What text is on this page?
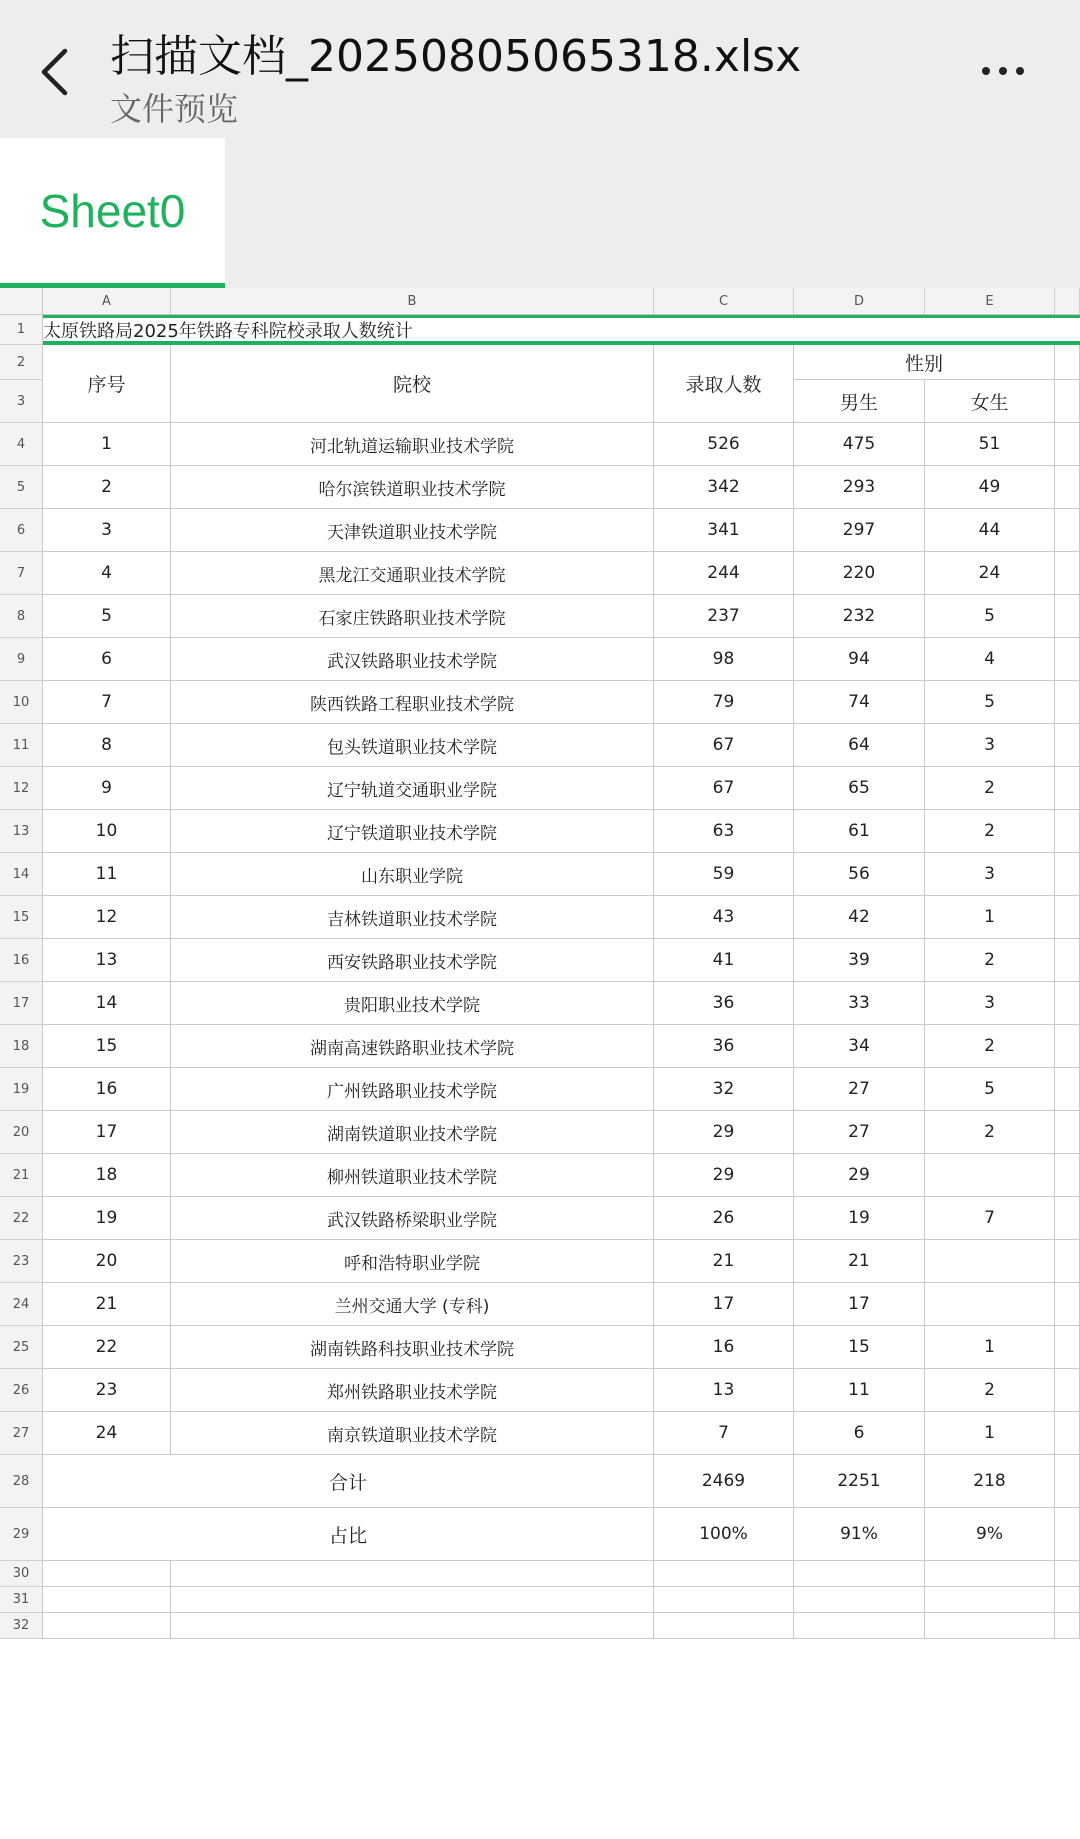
扫描文档_20250805065318.xlsx
文件预览
Sheet0
A	B	C	D	E
1
2
3
4
5
6
7
8
9
10
11
12
13
14
15
16
17
18
19
20
21
22
23
24
25
26
27
28
29
30
31
32
太原铁路局2025年铁路专科院校录取人数统计
序号	院校	录取人数
性别
男生	女生
1	河北轨道运输职业技术学院	526	475	51
2	哈尔滨铁道职业技术学院	342	293	49
3	天津铁道职业技术学院	341	297	44
4	黑龙江交通职业技术学院	244	220	24
5	石家庄铁路职业技术学院	237	232	5
6	武汉铁路职业技术学院	98	94	4
7	陕西铁路工程职业技术学院	79	74	5
8	包头铁道职业技术学院	67	64	3
9	辽宁轨道交通职业学院	67	65	2
10	辽宁铁道职业技术学院	63	61	2
11	山东职业学院	59	56	3
12	吉林铁道职业技术学院	43	42	1
13	西安铁路职业技术学院	41	39	2
14	贵阳职业技术学院	36	33	3
15	湖南高速铁路职业技术学院	36	34	2
16	广州铁路职业技术学院	32	27	5
17	湖南铁道职业技术学院	29	27	2
18	柳州铁道职业技术学院	29	29
19	武汉铁路桥梁职业学院	26	19	7
20	呼和浩特职业学院	21	21
21	兰州交通大学 (专科)	17	17
22	湖南铁路科技职业技术学院	16	15	1
23	郑州铁路职业技术学院	13	11	2
24	南京铁道职业技术学院	7	6	1
合计	2469	2251	218
占比	100%	91%	9%
